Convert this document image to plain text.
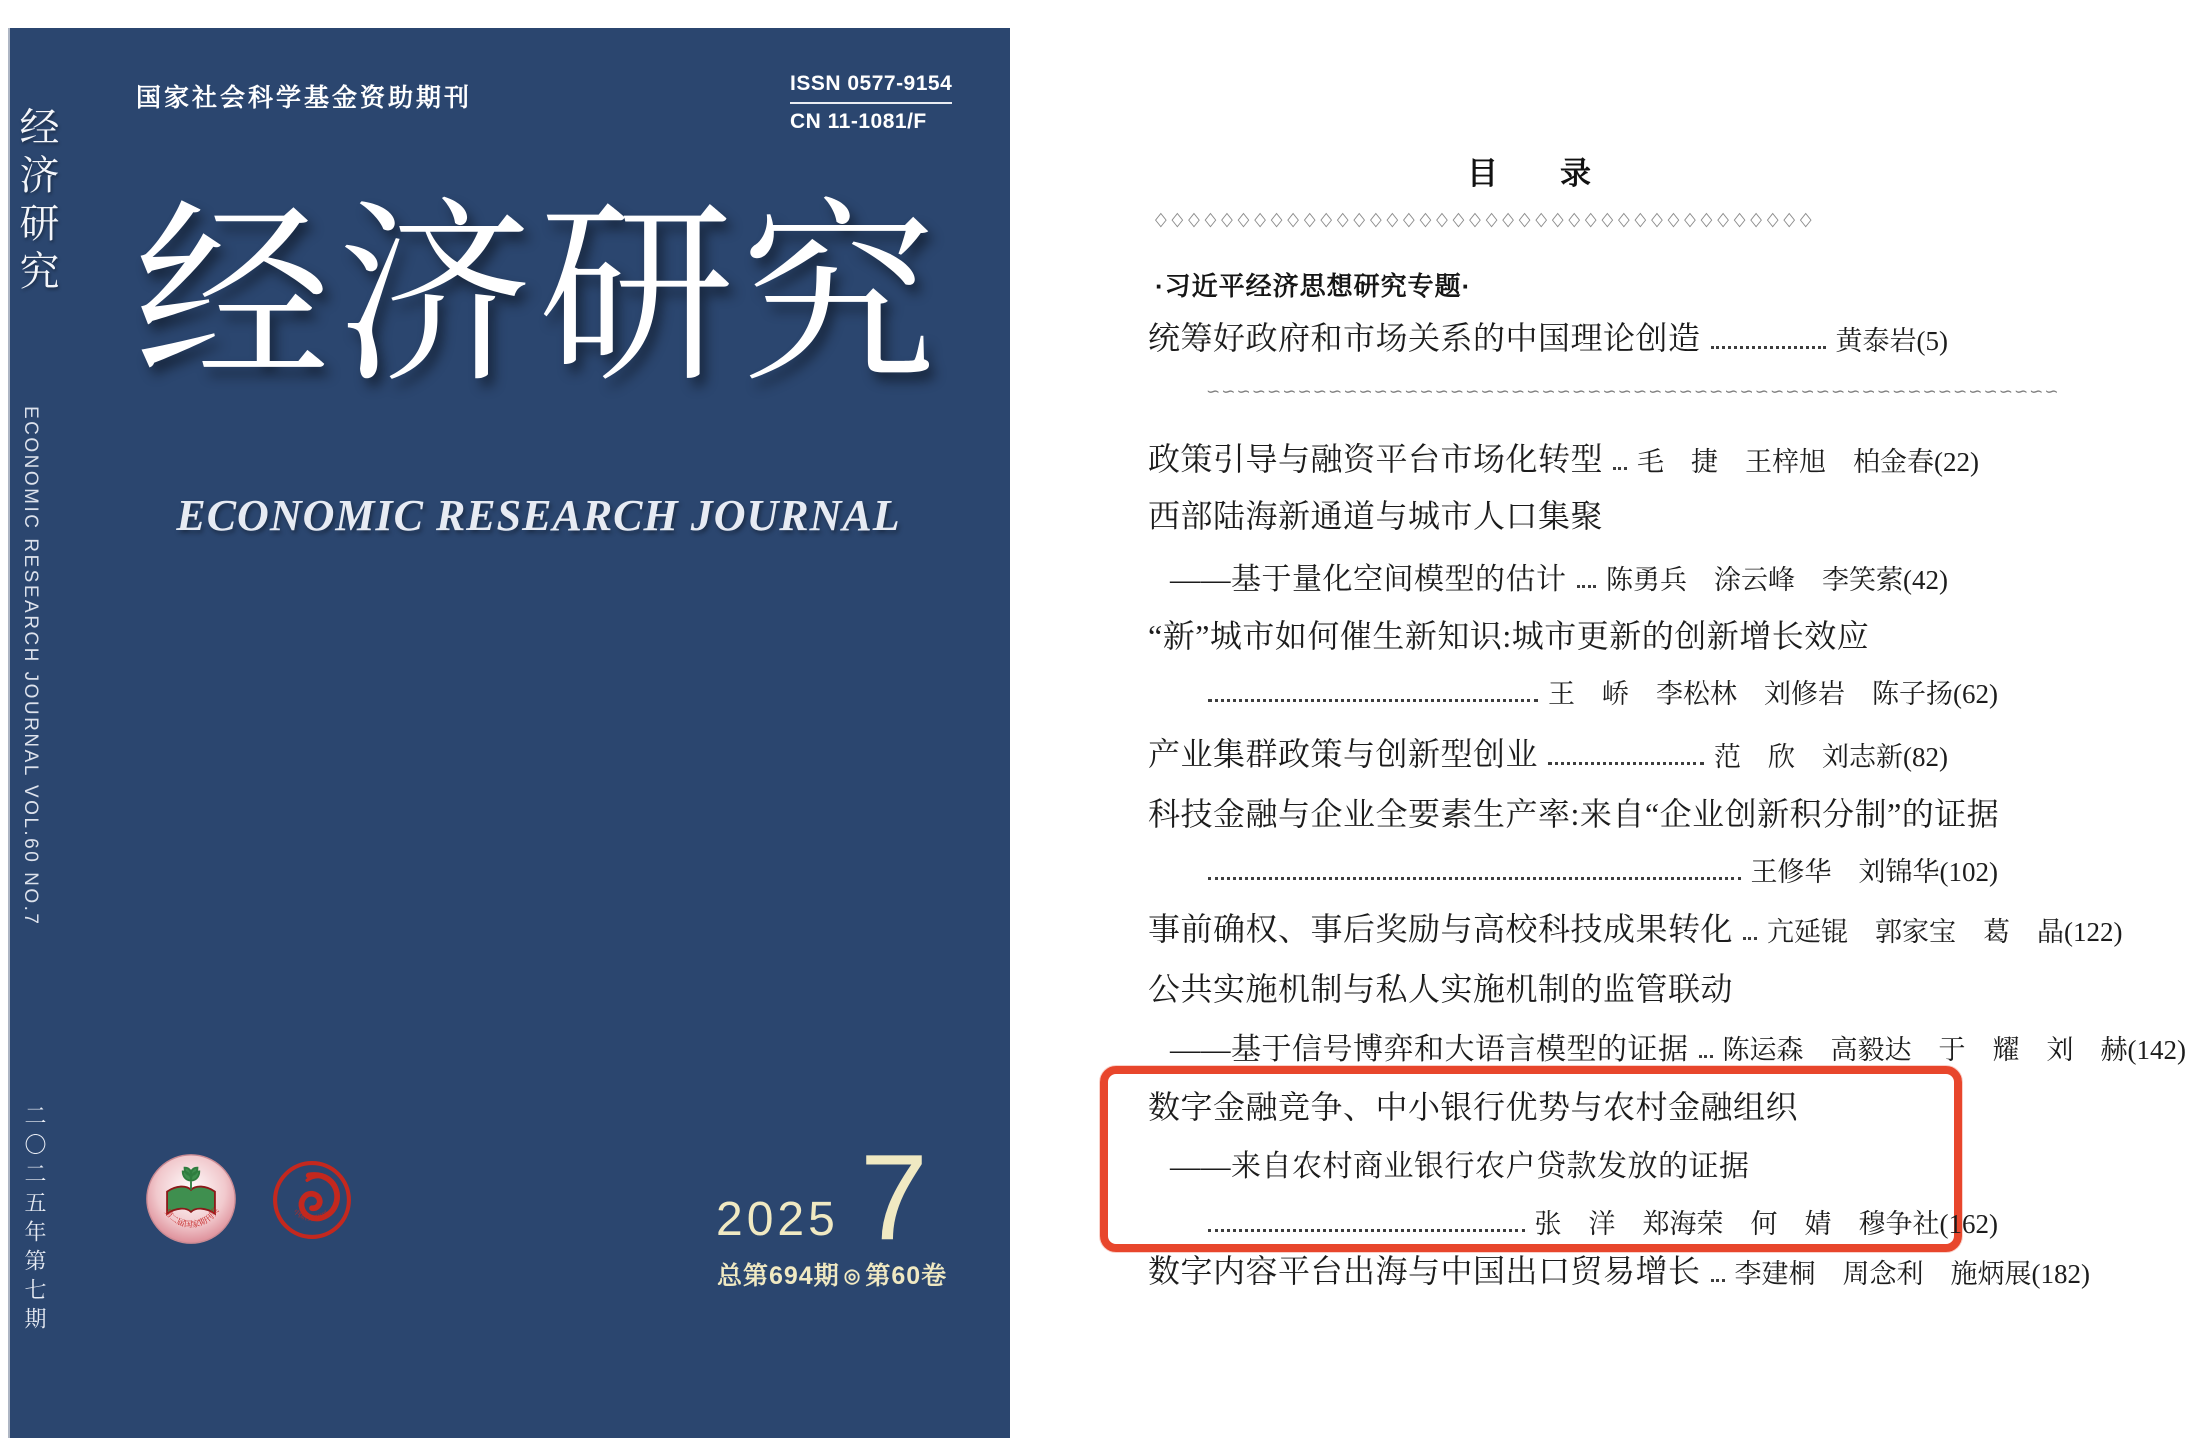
经济研究
ECONOMIC RESEARCH JOURNAL VOL.60 NO.7
二〇二五年第七期
国家社会科学基金资助期刊
ISSN 0577-9154
CN 11-1081/F
经济研究
ECONOMIC RESEARCH JOURNAL
第二届国家期刊奖	中国百强报刊	2025 7
总第694期 ◎ 第60卷
目　　录
◇◇◇◇◇◇◇◇◇◇◇◇◇◇◇◇◇◇◇◇◇◇◇◇◇◇◇◇◇◇◇◇◇◇◇◇◇◇◇◇
·习近平经济思想研究专题·
统筹好政府和市场关系的中国理论创造	黄泰岩(5)
∽∽∽∽∽∽∽∽∽∽∽∽∽∽∽∽∽∽∽∽∽∽∽∽∽∽∽∽∽∽∽∽∽∽∽∽∽∽∽∽∽∽∽∽∽∽∽∽∽∽∽∽∽∽∽∽
政策引导与融资平台市场化转型 毛　捷　王梓旭　柏金春(22)
西部陆海新通道与城市人口集聚
——基于量化空间模型的估计 陈勇兵　涂云峰　李笑萦(42)
“新”城市如何催生新知识:城市更新的创新增长效应
王　峤　李松林　刘修岩　陈子扬(62)
产业集群政策与创新型创业	范　欣　刘志新(82)
科技金融与企业全要素生产率:来自“企业创新积分制”的证据
王修华　刘锦华(102)
事前确权、事后奖励与高校科技成果转化 亢延锟　郭家宝　葛　晶(122)
公共实施机制与私人实施机制的监管联动
——基于信号博弈和大语言模型的证据 陈运森　高毅达　于　耀　刘　赫(142)
数字金融竞争、中小银行优势与农村金融组织
——来自农村商业银行农户贷款发放的证据
张　洋　郑海荣　何　婧　穆争社(162)
数字内容平台出海与中国出口贸易增长 李建桐　周念利　施炳展(182)
